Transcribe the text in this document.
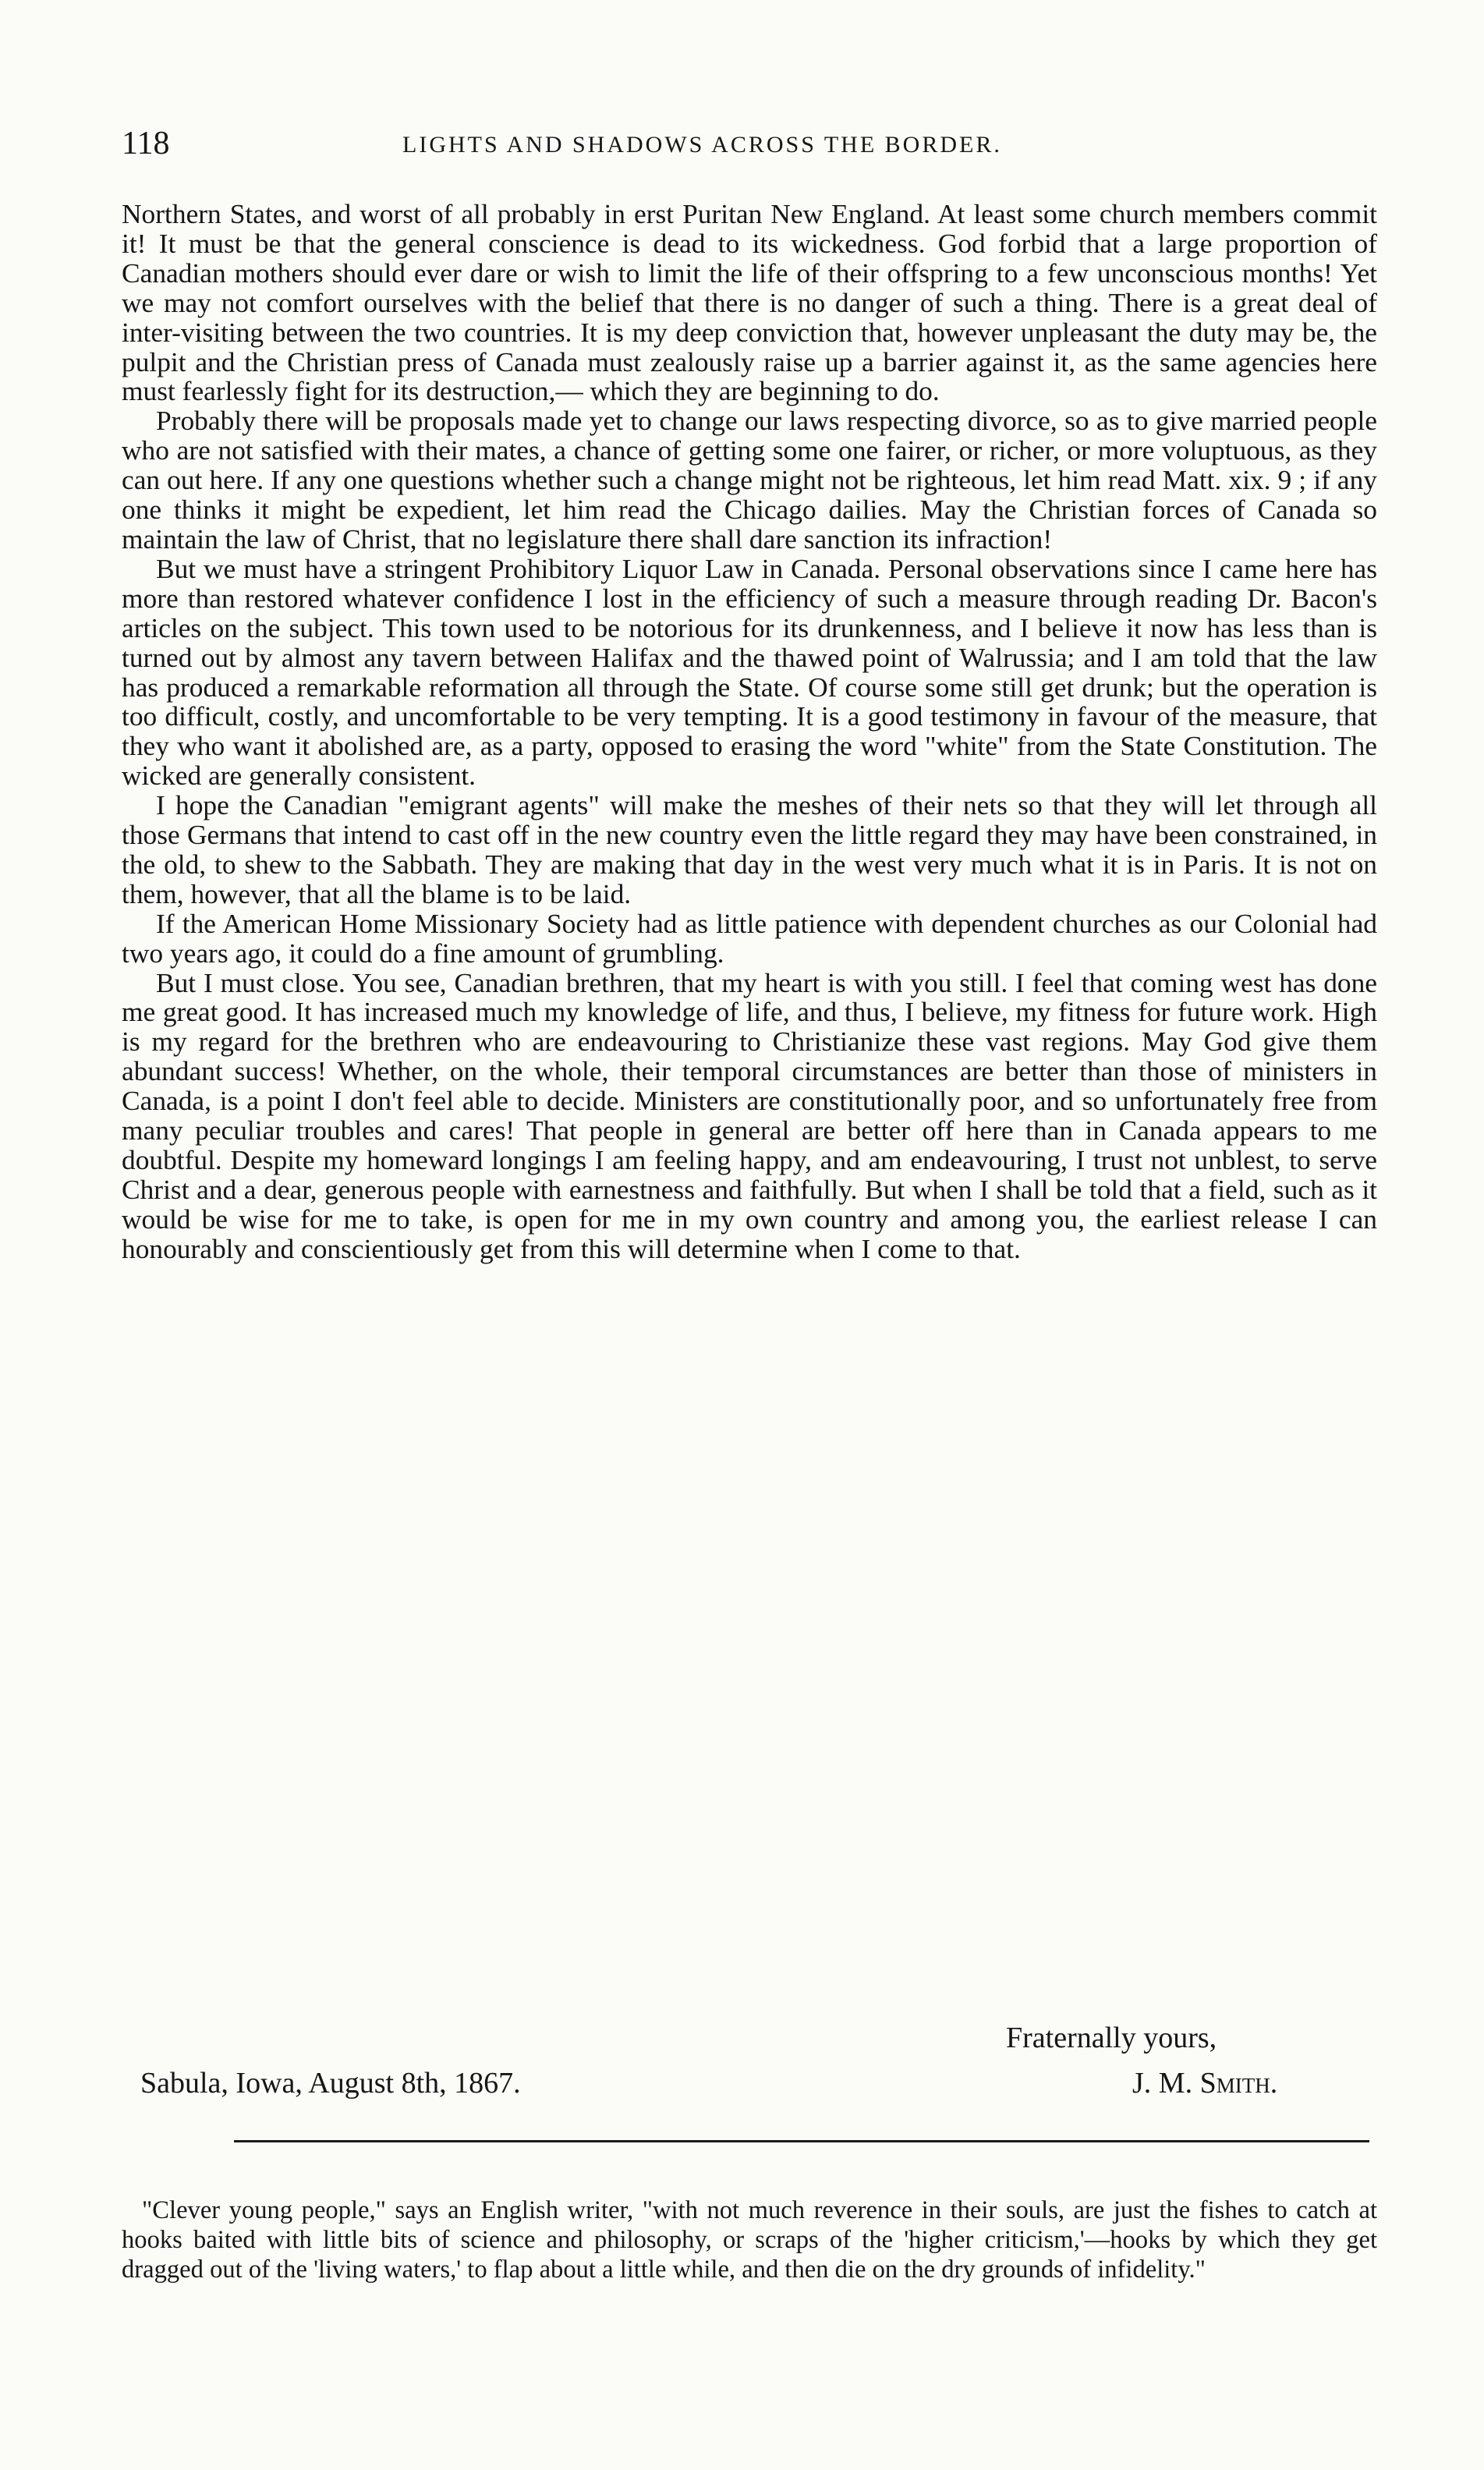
118	LIGHTS AND SHADOWS ACROSS THE BORDER.

Northern States, and worst of all probably in erst Puritan New England. At least some church members commit it! It must be that the general conscience is dead to its wickedness. God forbid that a large proportion of Canadian mothers should ever dare or wish to limit the life of their offspring to a few unconscious months! Yet we may not comfort ourselves with the belief that there is no danger of such a thing. There is a great deal of inter-visiting between the two countries. It is my deep conviction that, however unpleasant the duty may be, the pulpit and the Christian press of Canada must zealously raise up a barrier against it, as the same agencies here must fearlessly fight for its destruction,— which they are beginning to do.

Probably there will be proposals made yet to change our laws respecting divorce, so as to give married people who are not satisfied with their mates, a chance of getting some one fairer, or richer, or more voluptuous, as they can out here. If any one questions whether such a change might not be righteous, let him read Matt. xix. 9 ; if any one thinks it might be expedient, let him read the Chicago dailies. May the Christian forces of Canada so maintain the law of Christ, that no legislature there shall dare sanction its infraction!

But we must have a stringent Prohibitory Liquor Law in Canada. Personal observations since I came here has more than restored whatever confidence I lost in the efficiency of such a measure through reading Dr. Bacon's articles on the subject. This town used to be notorious for its drunkenness, and I believe it now has less than is turned out by almost any tavern between Halifax and the thawed point of Walrussia; and I am told that the law has produced a remarkable reformation all through the State. Of course some still get drunk; but the operation is too difficult, costly, and uncomfortable to be very tempting. It is a good testimony in favour of the measure, that they who want it abolished are, as a party, opposed to erasing the word "white" from the State Constitution. The wicked are generally consistent.

I hope the Canadian "emigrant agents" will make the meshes of their nets so that they will let through all those Germans that intend to cast off in the new country even the little regard they may have been constrained, in the old, to shew to the Sabbath. They are making that day in the west very much what it is in Paris. It is not on them, however, that all the blame is to be laid.

If the American Home Missionary Society had as little patience with dependent churches as our Colonial had two years ago, it could do a fine amount of grumbling.

But I must close. You see, Canadian brethren, that my heart is with you still. I feel that coming west has done me great good. It has increased much my knowledge of life, and thus, I believe, my fitness for future work. High is my regard for the brethren who are endeavouring to Christianize these vast regions. May God give them abundant success! Whether, on the whole, their temporal circumstances are better than those of ministers in Canada, is a point I don't feel able to decide. Ministers are constitutionally poor, and so unfortunately free from many peculiar troubles and cares! That people in general are better off here than in Canada appears to me doubtful. Despite my homeward longings I am feeling happy, and am endeavouring, I trust not unblest, to serve Christ and a dear, generous people with earnestness and faithfully. But when I shall be told that a field, such as it would be wise for me to take, is open for me in my own country and among you, the earliest release I can honourably and conscientiously get from this will determine when I come to that.

Fraternally yours,
Sabula, Iowa, August 8th, 1867.	J. M. Smith.

"Clever young people," says an English writer, "with not much reverence in their souls, are just the fishes to catch at hooks baited with little bits of science and philosophy, or scraps of the 'higher criticism,'—hooks by which they get dragged out of the 'living waters,' to flap about a little while, and then die on the dry grounds of infidelity."
